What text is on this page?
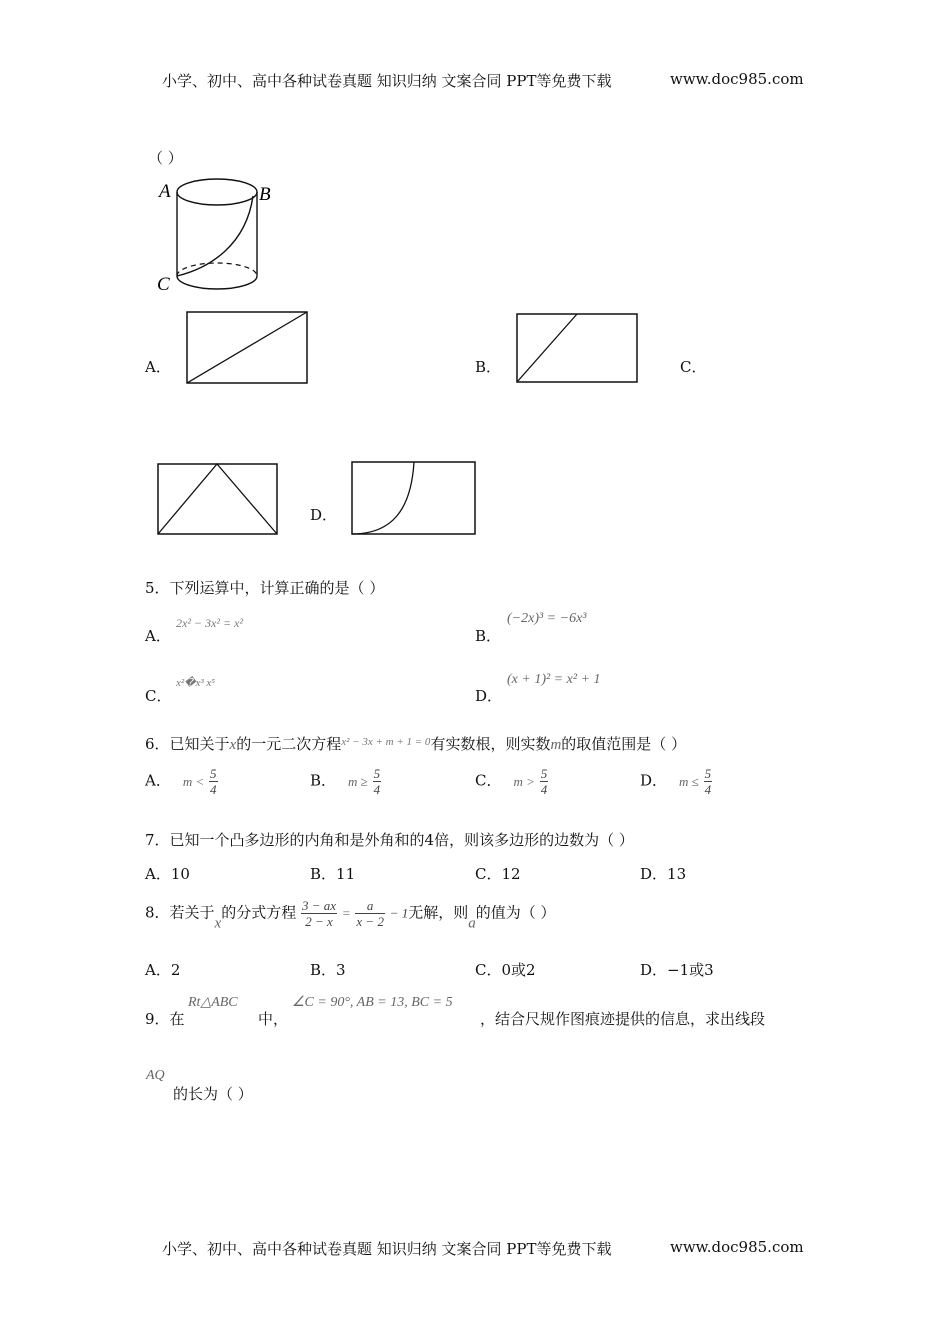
小学、初中、高中各种试卷真题 知识归纳 文案合同 PPT等免费下载	www.doc985.com
（ ）
A	B
C
A．	B．	C．
D．
5．下列运算中，计算正确的是（ ）
A．
2x² − 3x² = x²
B．
(−2x)³ = −6x³
C．
x²�x³ x⁵
D．
(x + 1)² = x² + 1
6．已知关于x的一元二次方程$^{x^2 - 3x + m + 1 = 0}$有实数根，则实数m的取值范围是（ ）
A． $m < \frac{5}{4}$	B． $m \ge \frac{5}{4}$	C． $m > \frac{5}{4}$	D． $m \le \frac{5}{4}$
7．已知一个凸多边形的内角和是外角和的4倍，则该多边形的边数为（ ）
A．10	B．11	C．12	D．13
8．若关于x的分式方程 $\frac{3 - ax}{2 - x} = \frac{a}{x - 2} - 1$无解，则a的值为（ ）
A．2	B．3	C．0或2	D．−1或3
9．在
Rt△ABC
中，
∠C = 90°, AB = 13, BC = 5
，结合尺规作图痕迹提供的信息，求出线段
AQ
的长为（ ）
小学、初中、高中各种试卷真题 知识归纳 文案合同 PPT等免费下载	www.doc985.com
